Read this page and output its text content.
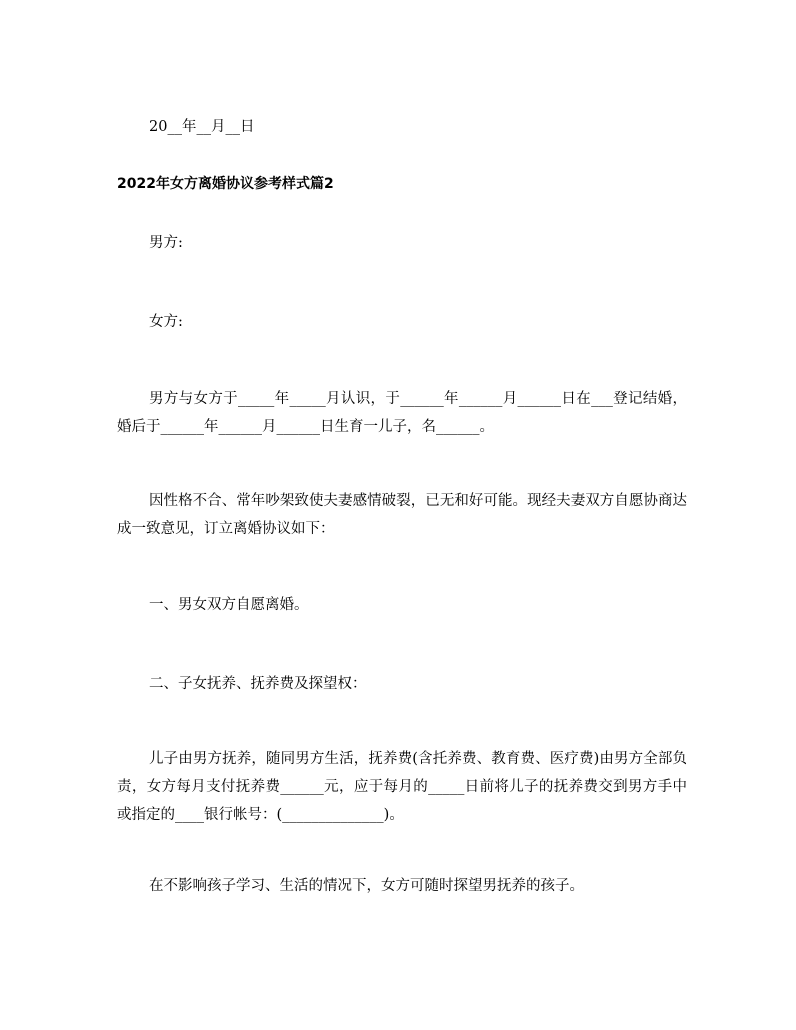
20__年__月__日
2022年女方离婚协议参考样式篇2
男方:
女方:
男方与女方于_____年_____月认识，于______年______月______日在___登记结婚，婚后于______年______月______日生育一儿子，名______。
因性格不合、常年吵架致使夫妻感情破裂，已无和好可能。现经夫妻双方自愿协商达成一致意见，订立离婚协议如下：
一、男女双方自愿离婚。
二、子女抚养、抚养费及探望权：
儿子由男方抚养，随同男方生活，抚养费(含托养费、教育费、医疗费)由男方全部负责，女方每月支付抚养费______元，应于每月的_____日前将儿子的抚养费交到男方手中或指定的____银行帐号：(______________)。
在不影响孩子学习、生活的情况下，女方可随时探望男抚养的孩子。
